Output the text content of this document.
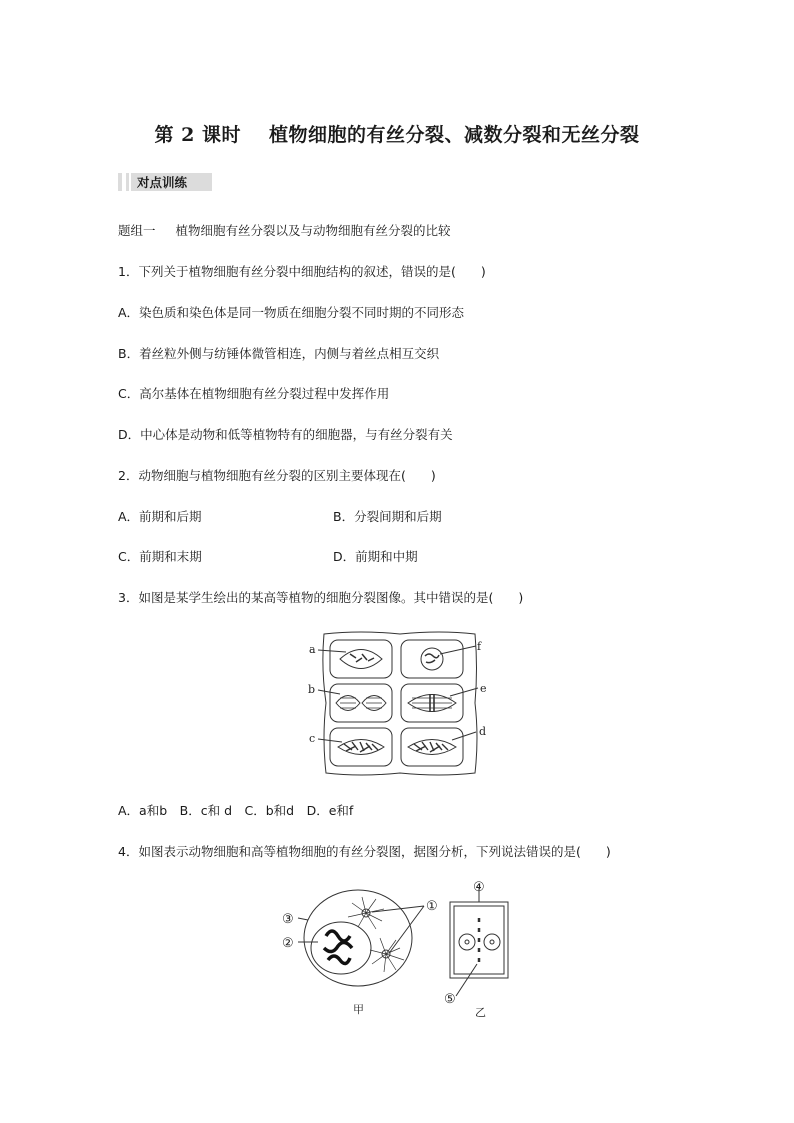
第 2 课时 植物细胞的有丝分裂、减数分裂和无丝分裂
对点训练
题组一 植物细胞有丝分裂以及与动物细胞有丝分裂的比较
1．下列关于植物细胞有丝分裂中细胞结构的叙述，错误的是(　　)
A．染色质和染色体是同一物质在细胞分裂不同时期的不同形态
B．着丝粒外侧与纺锤体微管相连，内侧与着丝点相互交织
C．高尔基体在植物细胞有丝分裂过程中发挥作用
D．中心体是动物和低等植物特有的细胞器，与有丝分裂有关
2．动物细胞与植物细胞有丝分裂的区别主要体现在(　　)
A．前期和后期	B．分裂间期和后期
C．前期和末期	D．前期和中期
3．如图是某学生绘出的某高等植物的细胞分裂图像。其中错误的是(　　)
a
b
c
d
e
f
A．a和b　B．c和 d　C．b和d　D．e和f
4．如图表示动物细胞和高等植物细胞的有丝分裂图，据图分析，下列说法错误的是(　　)
①
②
③
④
⑤
甲	乙
